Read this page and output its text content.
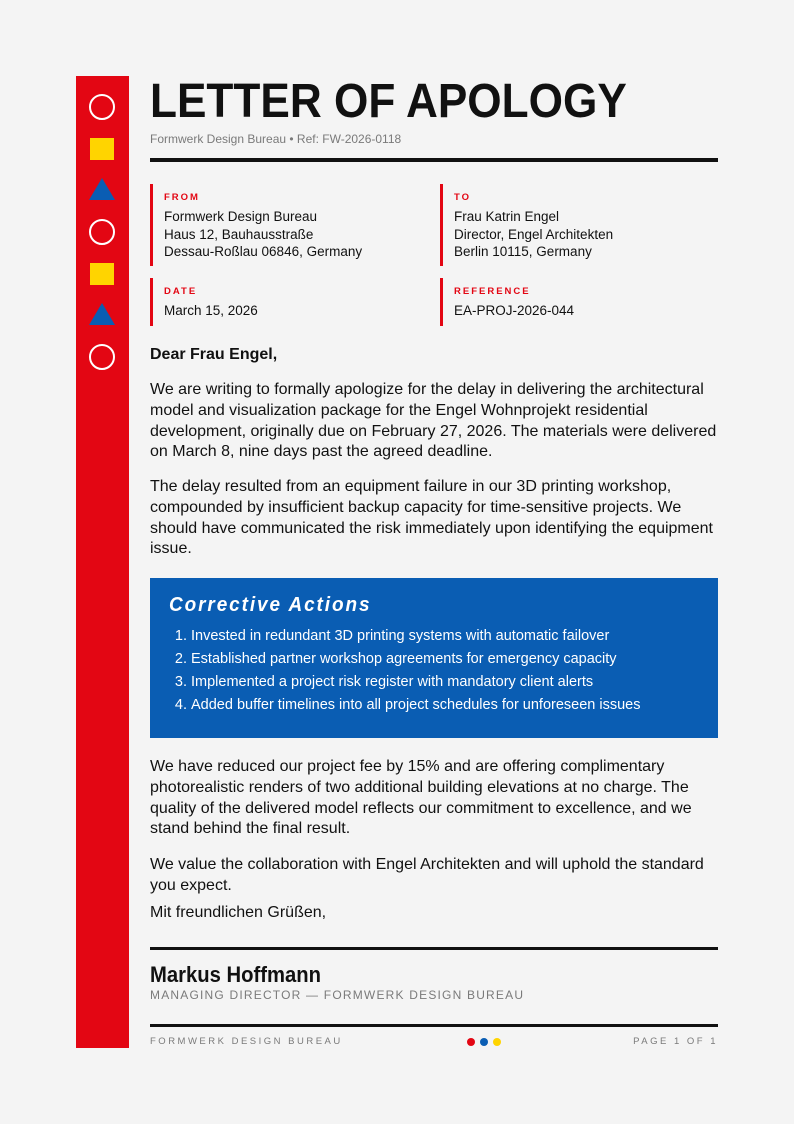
LETTER OF APOLOGY
Formwerk Design Bureau • Ref: FW-2026-0118
FROM
Formwerk Design Bureau
Haus 12, Bauhausstraße
Dessau-Roßlau 06846, Germany
TO
Frau Katrin Engel
Director, Engel Architekten
Berlin 10115, Germany
DATE
March 15, 2026
REFERENCE
EA-PROJ-2026-044
Dear Frau Engel,
We are writing to formally apologize for the delay in delivering the architectural model and visualization package for the Engel Wohnprojekt residential development, originally due on February 27, 2026. The materials were delivered on March 8, nine days past the agreed deadline.
The delay resulted from an equipment failure in our 3D printing workshop, compounded by insufficient backup capacity for time-sensitive projects. We should have communicated the risk immediately upon identifying the equipment issue.
Corrective Actions
1. Invested in redundant 3D printing systems with automatic failover
2. Established partner workshop agreements for emergency capacity
3. Implemented a project risk register with mandatory client alerts
4. Added buffer timelines into all project schedules for unforeseen issues
We have reduced our project fee by 15% and are offering complimentary photorealistic renders of two additional building elevations at no charge. The quality of the delivered model reflects our commitment to excellence, and we stand behind the final result.
We value the collaboration with Engel Architekten and will uphold the standard you expect.
Mit freundlichen Grüßen,
Markus Hoffmann
MANAGING DIRECTOR — FORMWERK DESIGN BUREAU
FORMWERK DESIGN BUREAU	PAGE 1 OF 1
